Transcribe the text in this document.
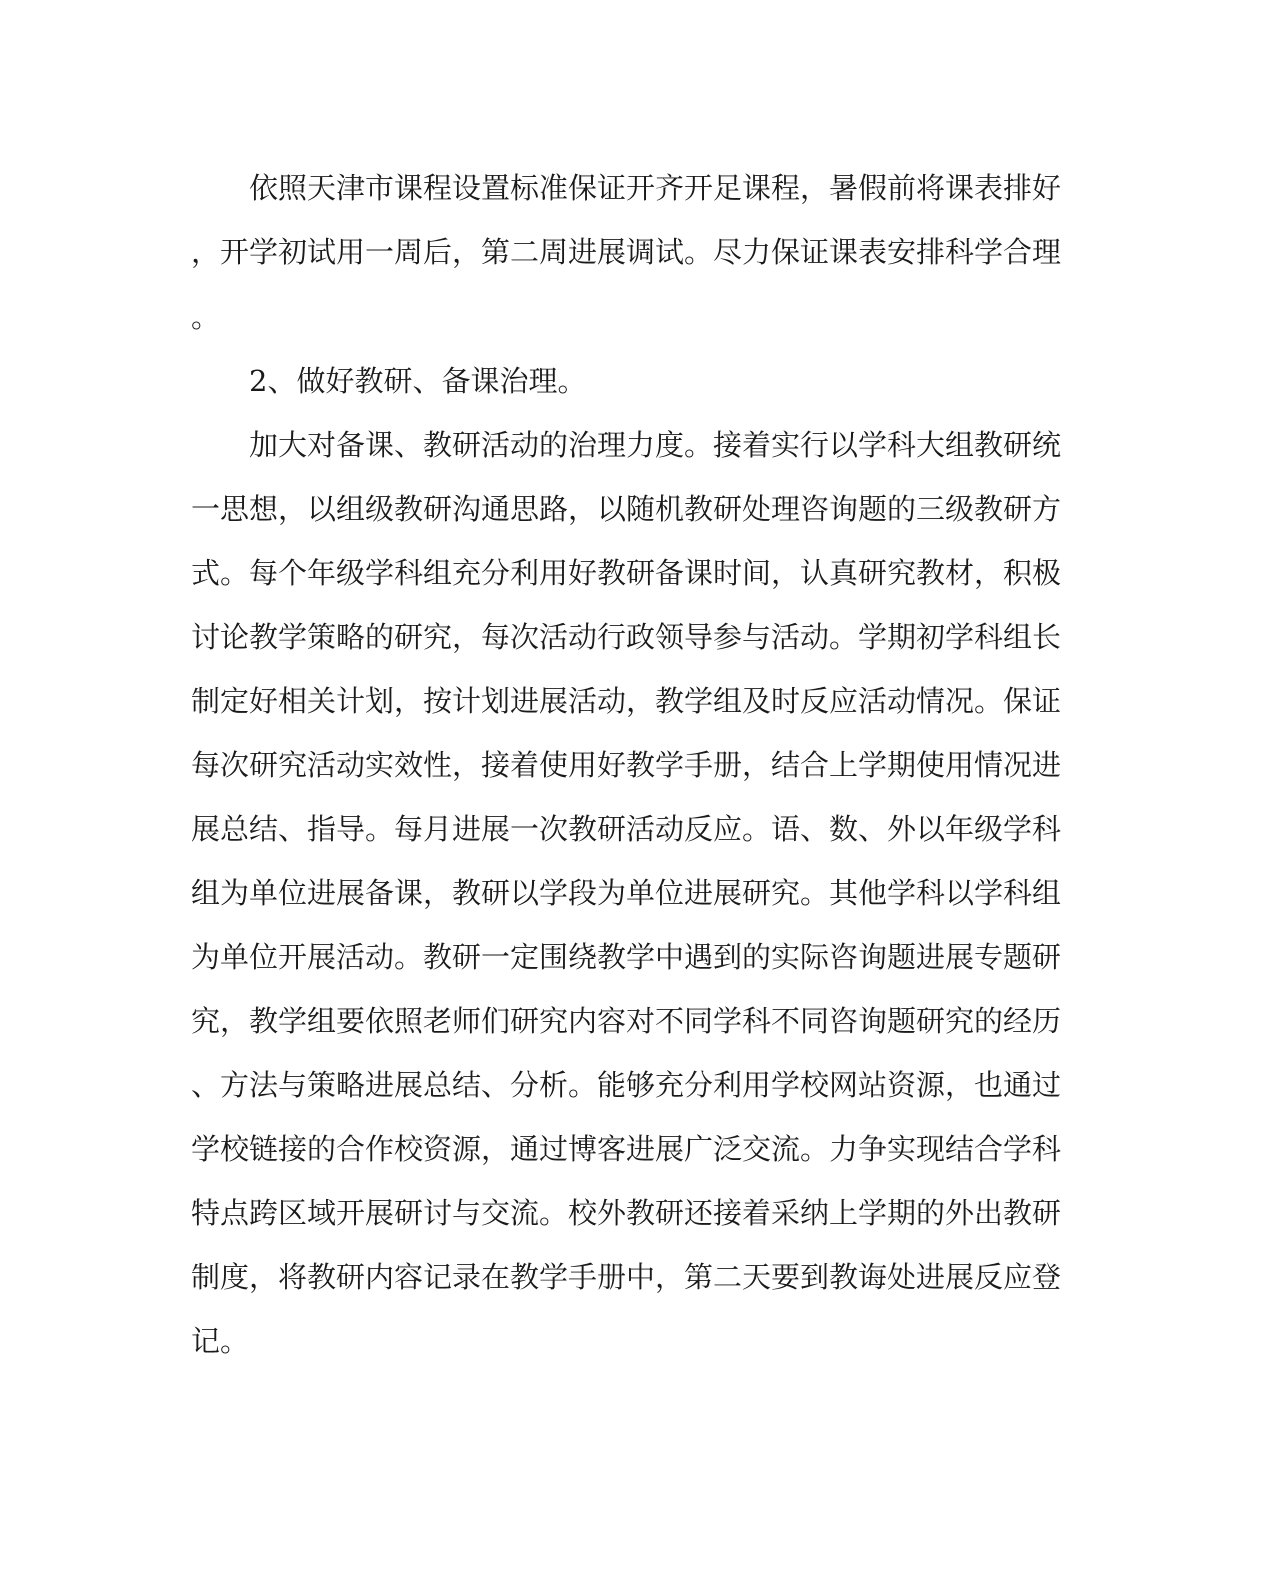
依照天津市课程设置标准保证开齐开足课程，暑假前将课表排好
，开学初试用一周后，第二周进展调试。尽力保证课表安排科学合理
。
2、做好教研、备课治理。
加大对备课、教研活动的治理力度。接着实行以学科大组教研统
一思想，以组级教研沟通思路，以随机教研处理咨询题的三级教研方
式。每个年级学科组充分利用好教研备课时间，认真研究教材，积极
讨论教学策略的研究，每次活动行政领导参与活动。学期初学科组长
制定好相关计划，按计划进展活动，教学组及时反应活动情况。保证
每次研究活动实效性，接着使用好教学手册，结合上学期使用情况进
展总结、指导。每月进展一次教研活动反应。语、数、外以年级学科
组为单位进展备课，教研以学段为单位进展研究。其他学科以学科组
为单位开展活动。教研一定围绕教学中遇到的实际咨询题进展专题研
究，教学组要依照老师们研究内容对不同学科不同咨询题研究的经历
、方法与策略进展总结、分析。能够充分利用学校网站资源，也通过
学校链接的合作校资源，通过博客进展广泛交流。力争实现结合学科
特点跨区域开展研讨与交流。校外教研还接着采纳上学期的外出教研
制度，将教研内容记录在教学手册中，第二天要到教诲处进展反应登
记。
